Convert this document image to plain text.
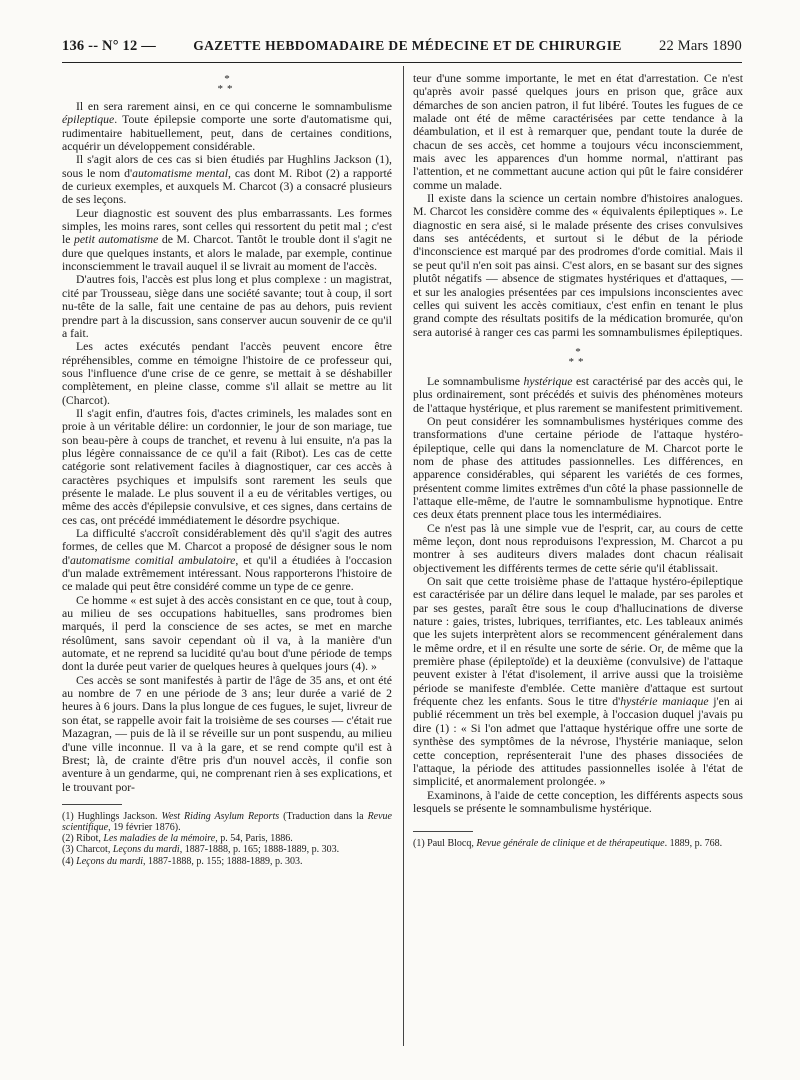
136 -- N° 12 —	GAZETTE HEBDOMADAIRE DE MÉDECINE ET DE CHIRURGIE	22 Mars 1890
*
**

Il en sera rarement ainsi, en ce qui concerne le somnambulisme épileptique. Toute épilepsie comporte une sorte d'automatisme qui, rudimentaire habituellement, peut, dans de certaines conditions, acquérir un développement considérable.

Il s'agit alors de ces cas si bien étudiés par Hughlins Jackson (1), sous le nom d'automatisme mental, cas dont M. Ribot (2) a rapporté de curieux exemples, et auxquels M. Charcot (3) a consacré plusieurs de ses leçons.

Leur diagnostic est souvent des plus embarrassants. Les formes simples, les moins rares, sont celles qui ressortent du petit mal ; c'est le petit automatisme de M. Charcot. Tantôt le trouble dont il s'agit ne dure que quelques instants, et alors le malade, par exemple, continue inconsciemment le travail auquel il se livrait au moment de l'accès.

D'autres fois, l'accès est plus long et plus complexe : un magistrat, cité par Trousseau, siège dans une société savante; tout à coup, il sort nu-tête de la salle, fait une centaine de pas au dehors, puis revient prendre part à la discussion, sans conserver aucun souvenir de ce qu'il a fait.

Les actes exécutés pendant l'accès peuvent encore être répréhensibles, comme en témoigne l'histoire de ce professeur qui, sous l'influence d'une crise de ce genre, se mettait à se déshabiller complètement, en pleine classe, comme s'il allait se mettre au lit (Charcot).

Il s'agit enfin, d'autres fois, d'actes criminels, les malades sont en proie à un véritable délire: un cordonnier, le jour de son mariage, tue son beau-père à coups de tranchet, et revenu à lui ensuite, n'a pas la plus légère connaissance de ce qu'il a fait (Ribot). Les cas de cette catégorie sont relativement faciles à diagnostiquer, car ces accès à caractères psychiques et impulsifs sont rarement les seuls que présente le malade. Le plus souvent il a eu de véritables vertiges, ou même des accès d'épilepsie convulsive, et ces signes, dans certains de ces cas, ont précédé immédiatement le désordre psychique.

La difficulté s'accroît considérablement dès qu'il s'agit des autres formes, de celles que M. Charcot a proposé de désigner sous le nom d'automatisme comitial ambulatoire, et qu'il a étudiées à l'occasion d'un malade extrêmement intéressant. Nous rapporterons l'histoire de ce malade qui peut être considéré comme un type de ce genre.

Ce homme « est sujet à des accès consistant en ce que, tout à coup, au milieu de ses occupations habituelles, sans prodromes bien marqués, il perd la conscience de ses actes, se met en marche résolûment, sans savoir cependant où il va, à la manière d'un automate, et ne reprend sa lucidité qu'au bout d'une période de temps dont la durée peut varier de quelques heures à quelques jours (4). »

Ces accès se sont manifestés à partir de l'âge de 35 ans, et ont été au nombre de 7 en une période de 3 ans; leur durée a varié de 2 heures à 6 jours. Dans la plus longue de ces fugues, le sujet, livreur de son état, se rappelle avoir fait la troisième de ses courses — c'était rue Mazagran, — puis de là il se réveille sur un pont suspendu, au milieu d'une ville inconnue. Il va à la gare, et se rend compte qu'il est à Brest; là, de crainte d'être pris d'un nouvel accès, il confie son aventure à un gendarme, qui, ne comprenant rien à ses explications, et le trouvant por-

(1) Hughlings Jackson. West Riding Asylum Reports (Traduction dans la Revue scientifique, 19 février 1876).
(2) Ribot, Les maladies de la mémoire, p. 54, Paris, 1886.
(3) Charcot, Leçons du mardi, 1887-1888, p. 165; 1888-1889, p. 303.
(4) Leçons du mardi, 1887-1888, p. 155; 1888-1889, p. 303.

teur d'une somme importante, le met en état d'arrestation. Ce n'est qu'après avoir passé quelques jours en prison que, grâce aux démarches de son ancien patron, il fut libéré. Toutes les fugues de ce malade ont été de même caractérisées par cette tendance à la déambulation, et il est à remarquer que, pendant toute la durée de chacun de ses accès, cet homme a toujours vécu inconsciemment, mais avec les apparences d'un homme normal, n'attirant pas l'attention, et ne commettant aucune action qui pût le faire considérer comme un malade.

Il existe dans la science un certain nombre d'histoires analogues. M. Charcot les considère comme des « équivalents épileptiques ». Le diagnostic en sera aisé, si le malade présente des crises convulsives dans ses antécédents, et surtout si le début de la période d'inconscience est marqué par des prodromes d'orde comitial. Mais il se peut qu'il n'en soit pas ainsi. C'est alors, en se basant sur des signes plutôt négatifs — absence de stigmates hystériques et d'attaques, — et sur les analogies présentées par ces impulsions inconscientes avec celles qui suivent les accès comitiaux, c'est enfin en tenant le plus grand compte des résultats positifs de la médication bromurée, qu'on sera autorisé à ranger ces cas parmi les somnambulismes épileptiques.

*
**

Le somnambulisme hystérique est caractérisé par des accès qui, le plus ordinairement, sont précédés et suivis des phénomènes moteurs de l'attaque hystérique, et plus rarement se manifestent primitivement.

On peut considérer les somnambulismes hystériques comme des transformations d'une certaine période de l'attaque hystéro-épileptique, celle qui dans la nomenclature de M. Charcot porte le nom de phase des attitudes passionnelles. Les différences, en apparence considérables, qui séparent les variétés de ces formes, présentent comme limites extrêmes d'un côté la phase passionnelle de l'attaque elle-même, de l'autre le somnambulisme hypnotique. Entre ces deux états prennent place tous les intermédiaires.

Ce n'est pas là une simple vue de l'esprit, car, au cours de cette même leçon, dont nous reproduisons l'expression, M. Charcot a pu montrer à ses auditeurs divers malades dont chacun réalisait objectivement les différents termes de cette série qu'il établissait.

On sait que cette troisième phase de l'attaque hystéro-épileptique est caractérisée par un délire dans lequel le malade, par ses paroles et par ses gestes, paraît être sous le coup d'hallucinations de diverse nature : gaies, tristes, lubriques, terrifiantes, etc. Les tableaux animés que les sujets interprètent alors se recommencent généralement dans le même ordre, et il en résulte une sorte de série. Or, de même que la première phase (épileptoïde) et la deuxième (convulsive) de l'attaque peuvent exister à l'état d'isolement, il arrive aussi que la troisième période se manifeste d'emblée. Cette manière d'attaque est surtout fréquente chez les enfants. Sous le titre d'hystérie maniaque j'en ai publié récemment un très bel exemple, à l'occasion duquel j'avais pu dire (1) : « Si l'on admet que l'attaque hystérique offre une sorte de synthèse des symptômes de la névrose, l'hystérie maniaque, selon cette conception, représenterait l'une des phases dissociées de l'attaque, la période des attitudes passionnelles isolée à l'état de simplicité, et anormalement prolongée. »

Examinons, à l'aide de cette conception, les différents aspects sous lesquels se présente le somnambulisme hystérique.

(1) Paul Blocq, Revue générale de clinique et de thérapeutique. 1889, p. 768.
